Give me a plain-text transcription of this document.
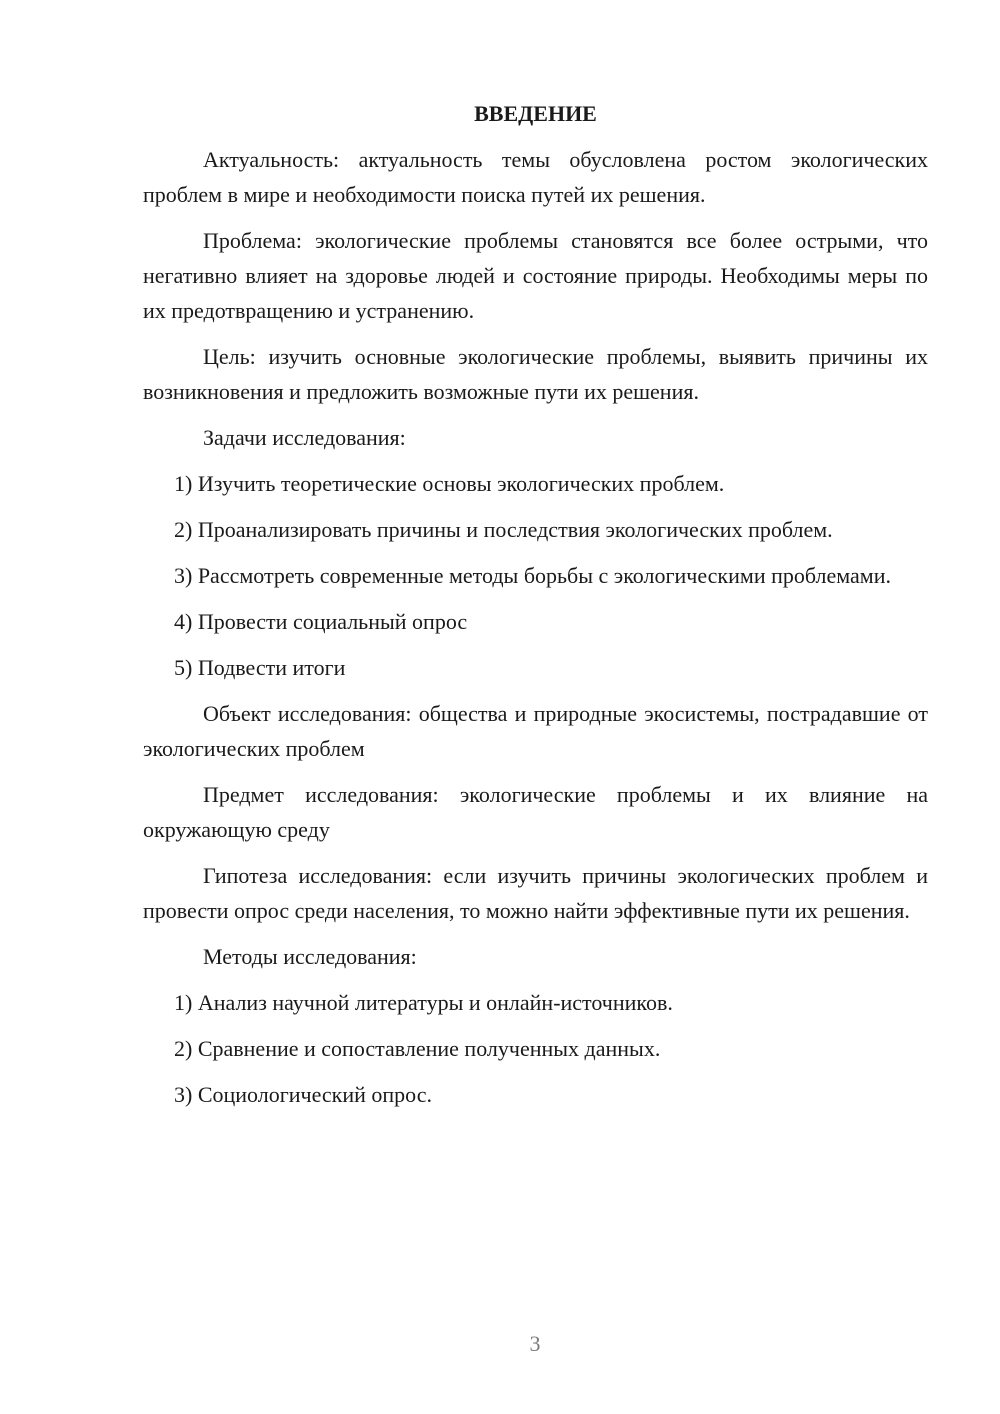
ВВЕДЕНИЕ

Актуальность: актуальность темы обусловлена ростом экологических проблем в мире и необходимости поиска путей их решения.

Проблема: экологические проблемы становятся все более острыми, что негативно влияет на здоровье людей и состояние природы. Необходимы меры по их предотвращению и устранению.

Цель: изучить основные экологические проблемы, выявить причины их возникновения и предложить возможные пути их решения.

Задачи исследования:

1) Изучить теоретические основы экологических проблем.

2) Проанализировать причины и последствия экологических проблем.

3) Рассмотреть современные методы борьбы с экологическими проблемами.

4) Провести социальный опрос

5) Подвести итоги

Объект исследования: общества и природные экосистемы, пострадавшие от экологических проблем

Предмет исследования: экологические проблемы и их влияние на окружающую среду

Гипотеза исследования: если изучить причины экологических проблем и провести опрос среди населения, то можно найти эффективные пути их решения.

Методы исследования:

1) Анализ научной литературы и онлайн-источников.

2) Сравнение и сопоставление полученных данных.

3) Социологический опрос.

3
